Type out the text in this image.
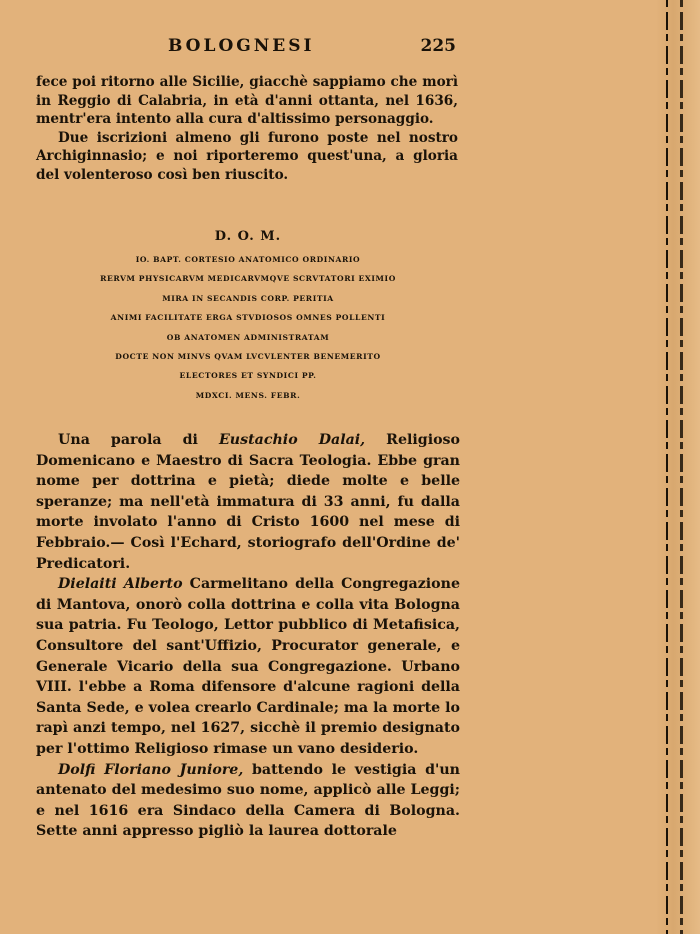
BOLOGNESI	225

fece poi ritorno alle Sicilie, giacchè sappiamo che morì in Reggio di Calabria, in età d'anni ottanta, nel 1636, mentr'era intento alla cura d'altissimo personaggio.

Due iscrizioni almeno gli furono poste nel nostro Archiginnasio; e noi riporteremo quest'una, a gloria del volenteroso così ben riuscito.

D. O. M.
IO. BAPT. CORTESIO ANATOMICO ORDINARIO
RERVM PHYSICARVM MEDICARVMQVE SCRVTATORI EXIMIO
MIRA IN SECANDIS CORP. PERITIA
ANIMI FACILITATE ERGA STVDIOSOS OMNES POLLENTI
OB ANATOMEN ADMINISTRATAM
DOCTE NON MINVS QVAM LVCVLENTER BENEMERITO
ELECTORES ET SYNDICI PP.
MDXCI. MENS. FEBR.

Una parola di Eustachio Dalai, Religioso Domenicano e Maestro di Sacra Teologia. Ebbe gran nome per dottrina e pietà; diede molte e belle speranze; ma nell'età immatura di 33 anni, fu dalla morte involato l'anno di Cristo 1600 nel mese di Febbraio.— Così l'Echard, storiografo dell'Ordine de' Predicatori.

Dielaiti Alberto Carmelitano della Congregazione di Mantova, onorò colla dottrina e colla vita Bologna sua patria. Fu Teologo, Lettor pubblico di Metafisica, Consultore del sant'Uffizio, Procurator generale, e Generale Vicario della sua Congregazione. Urbano VIII. l'ebbe a Roma difensore d'alcune ragioni della Santa Sede, e volea crearlo Cardinale; ma la morte lo rapì anzi tempo, nel 1627, sicchè il premio designato per l'ottimo Religioso rimase un vano desiderio.

Dolfi Floriano Juniore, battendo le vestigia d'un antenato del medesimo suo nome, applicò alle Leggi; e nel 1616 era Sindaco della Camera di Bologna. Sette anni appresso pigliò la laurea dottorale
